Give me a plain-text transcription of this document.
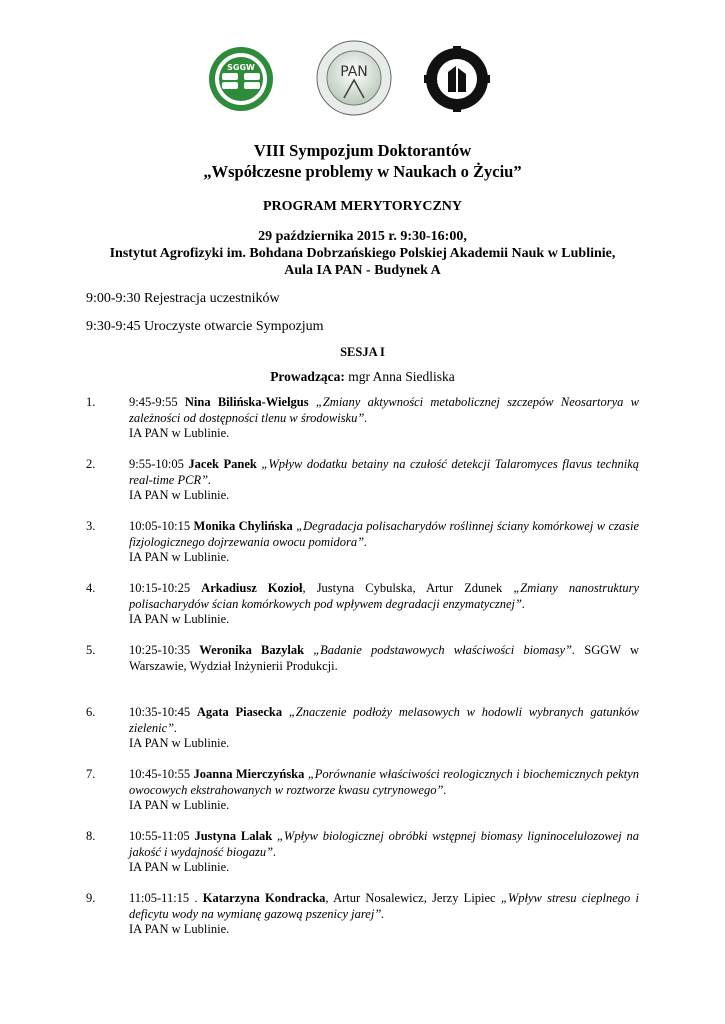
SGGW	PAN
VIII Sympozjum Doktorantów
„Współczesne problemy w Naukach o Życiu”
PROGRAM MERYTORYCZNY
29 października 2015 r. 9:30-16:00,
Instytut Agrofizyki im. Bohdana Dobrzańskiego Polskiej Akademii Nauk w Lublinie,
Aula IA PAN - Budynek A
9:00-9:30 Rejestracja uczestników
9:30-9:45 Uroczyste otwarcie Sympozjum
SESJA I
Prowadząca: mgr Anna Siedliska
1.	9:45-9:55 Nina Bilińska-Wielgus „Zmiany aktywności metabolicznej szczepów Neosartorya w zależności od dostępności tlenu w środowisku”.
IA PAN w Lublinie.
2.	9:55-10:05 Jacek Panek „Wpływ dodatku betainy na czułość detekcji Talaromyces flavus techniką real-time PCR”.
IA PAN w Lublinie.
3.	10:05-10:15 Monika Chylińska „Degradacja polisacharydów roślinnej ściany komórkowej w czasie fizjologicznego dojrzewania owocu pomidora”.
IA PAN w Lublinie.
4.	10:15-10:25 Arkadiusz Kozioł, Justyna Cybulska, Artur Zdunek „Zmiany nanostruktury polisacharydów ścian komórkowych pod wpływem degradacji enzymatycznej”.
IA PAN w Lublinie.
5.	10:25-10:35 Weronika Bazylak „Badanie podstawowych właściwości biomasy”. SGGW w Warszawie, Wydział Inżynierii Produkcji.
6.	10:35-10:45 Agata Piasecka „Znaczenie podłoży melasowych w hodowli wybranych gatunków zielenic”.
IA PAN w Lublinie.
7.	10:45-10:55 Joanna Mierczyńska „Porównanie właściwości reologicznych i biochemicznych pektyn owocowych ekstrahowanych w roztworze kwasu cytrynowego”.
IA PAN w Lublinie.
8.	10:55-11:05 Justyna Lalak „Wpływ biologicznej obróbki wstępnej biomasy ligninocelulozowej na jakość i wydajność biogazu”.
IA PAN w Lublinie.
9.	11:05-11:15 . Katarzyna Kondracka, Artur Nosalewicz, Jerzy Lipiec „Wpływ stresu cieplnego i deficytu wody na wymianę gazową pszenicy jarej”.
IA PAN w Lublinie.
